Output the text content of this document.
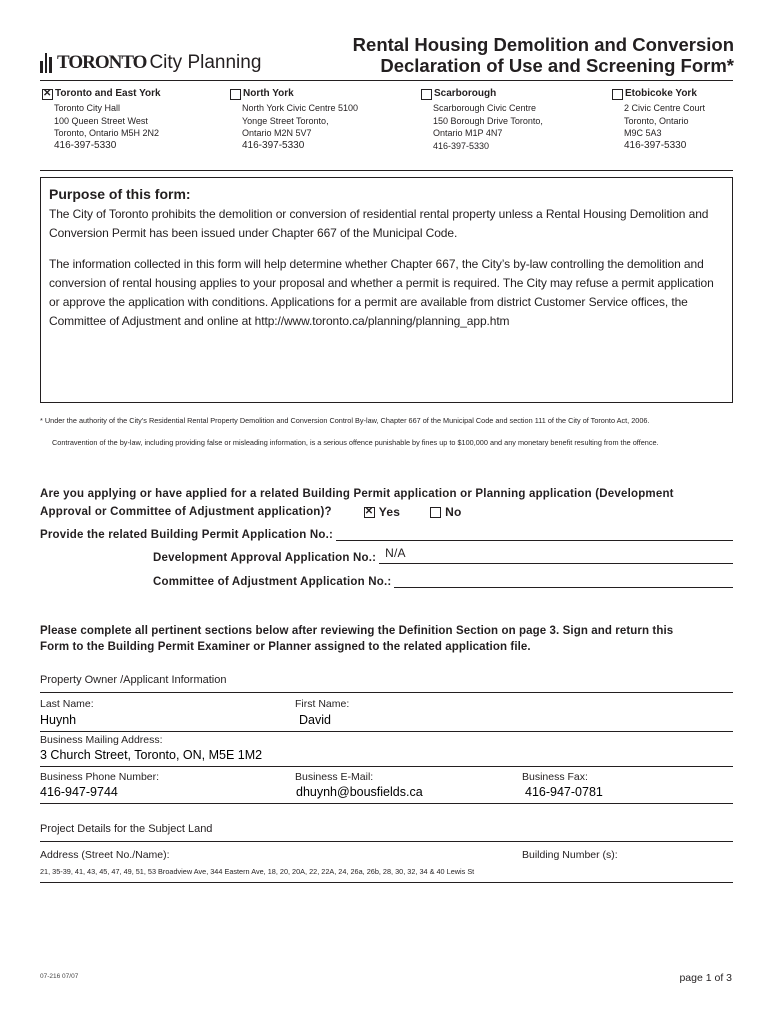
TORONTO City Planning
Rental Housing Demolition and Conversion
Declaration of Use and Screening Form*
✕
Toronto and East York
Toronto City Hall
100 Queen Street West
Toronto, Ontario M5H 2N2
416-397-5330
North York
North York Civic Centre 5100
Yonge Street Toronto,
Ontario M2N 5V7
416-397-5330
Scarborough
Scarborough Civic Centre
150 Borough Drive Toronto,
Ontario M1P 4N7
416-397-5330
Etobicoke York
2 Civic Centre Court
Toronto, Ontario
M9C 5A3
416-397-5330
Purpose of this form:

The City of Toronto prohibits the demolition or conversion of residential rental property unless a Rental Housing Demolition and Conversion Permit has been issued under Chapter 667 of the Municipal Code.

The information collected in this form will help determine whether Chapter 667, the City’s by-law controlling the demolition and conversion of rental housing applies to your proposal and whether a permit is required. The City may refuse a permit application or approve the application with conditions. Applications for a permit are available from district Customer Service offices, the Committee of Adjustment and online at http://www.toronto.ca/planning/planning_app.htm

* Under the authority of the City’s Residential Rental Property Demolition and Conversion Control By-law, Chapter 667 of the Municipal Code and section 111 of the City of Toronto Act, 2006.
Contravention of the by-law, including providing false or misleading information, is a serious offence punishable by fines up to $100,000 and any monetary benefit resulting from the offence.
Are you applying or have applied for a related Building Permit application or Planning application (Development
Approval or Committee of Adjustment application)?
✕	Yes	No
Provide the related Building Permit Application No.:
Development Approval Application No.: N/A
Committee of Adjustment Application No.:
Please complete all pertinent sections below after reviewing the Definition Section on page 3. Sign and return this
Form to the Building Permit Examiner or Planner assigned to the related application file.
Property Owner /Applicant Information
Last Name:
Huynh
First Name:
David
Business Mailing Address:
3 Church Street, Toronto, ON, M5E 1M2
Business Phone Number:
416-947-9744
Business E-Mail:
dhuynh@bousfields.ca
Business Fax:
416-947-0781
Project Details for the Subject Land
Address (Street No./Name):	Building Number (s):
21, 35-39, 41, 43, 45, 47, 49, 51, 53 Broadview Ave, 344 Eastern Ave, 18, 20, 20A, 22, 22A, 24, 26a, 26b, 28, 30, 32, 34 & 40 Lewis St
07-216 07/07	page 1 of 3
